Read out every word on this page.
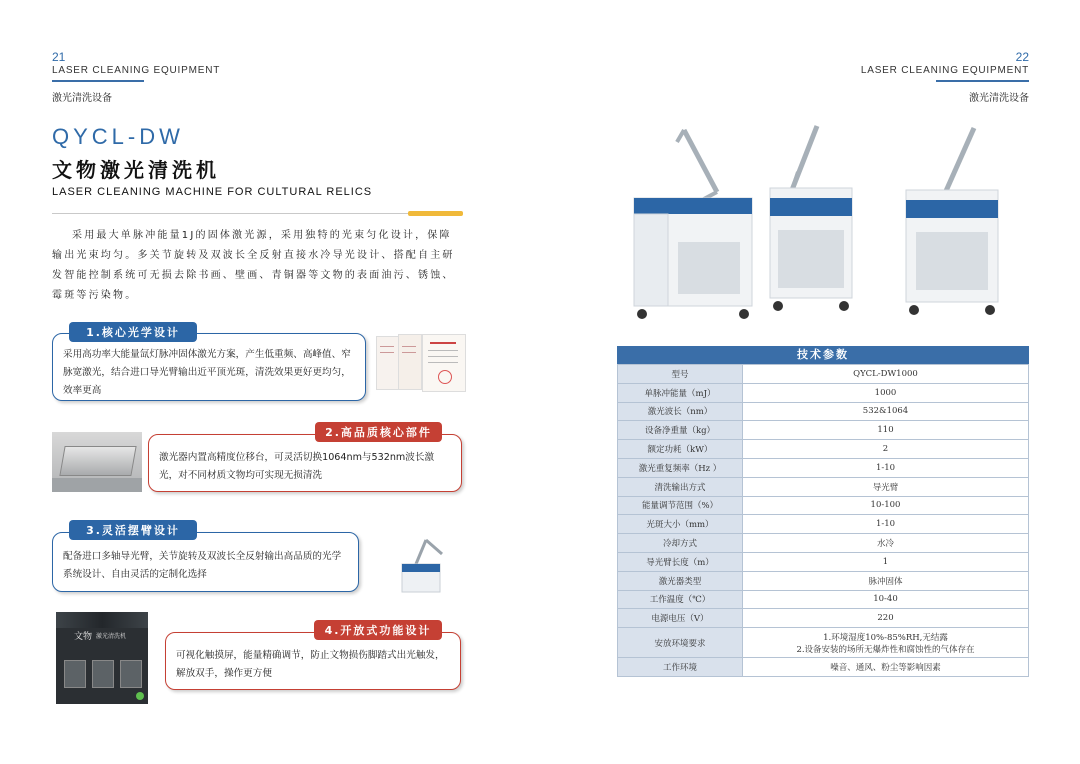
21
LASER CLEANING EQUIPMENT
激光清洗设备
22
LASER CLEANING EQUIPMENT
激光清洗设备
QYCL-DW
文物激光清洗机
LASER CLEANING MACHINE FOR CULTURAL RELICS
采用最大单脉冲能量1J的固体激光源，采用独特的光束匀化设计，保障输出光束均匀。多关节旋转及双波长全反射直接水冷导光设计、搭配自主研发智能控制系统可无损去除书画、壁画、青铜器等文物的表面油污、锈蚀、霉斑等污染物。
采用高功率大能量氙灯脉冲固体激光方案，产生低重频、高峰值、窄脉宽激光，结合进口导光臂输出近平顶光斑，清洗效果更好更均匀，效率更高
1.核心光学设计
激光器内置高精度位移台，可灵活切换1064nm与532nm波长激光，对不同材质文物均可实现无损清洗
2.高品质核心部件
配备进口多轴导光臂，关节旋转及双波长全反射输出高品质的光学系统设计、自由灵活的定制化选择
3.灵活摆臂设计
文物 激光清洗机
可视化触摸屏，能量精确调节，防止文物损伤脚踏式出光触发，解放双手，操作更方便
4.开放式功能设计
技术参数
型号	QYCL-DW1000
单脉冲能量（mJ）	1000
激光波长（nm）	532&1064
设备净重量（kg）	110
额定功耗（kW）	2
激光重复频率（Hz ）	1-10
清洗输出方式	导光臂
能量调节范围（%）	10-100
光斑大小（mm）	1-10
冷却方式	水冷
导光臂长度（m）	1
激光器类型	脉冲固体
工作温度（℃）	10-40
电源电压（V）	220
安放环境要求	1.环境湿度10%-85%RH,无结露
2.设备安装的场所无爆炸性和腐蚀性的气体存在

工作环境	噪音、通风、粉尘等影响因素
